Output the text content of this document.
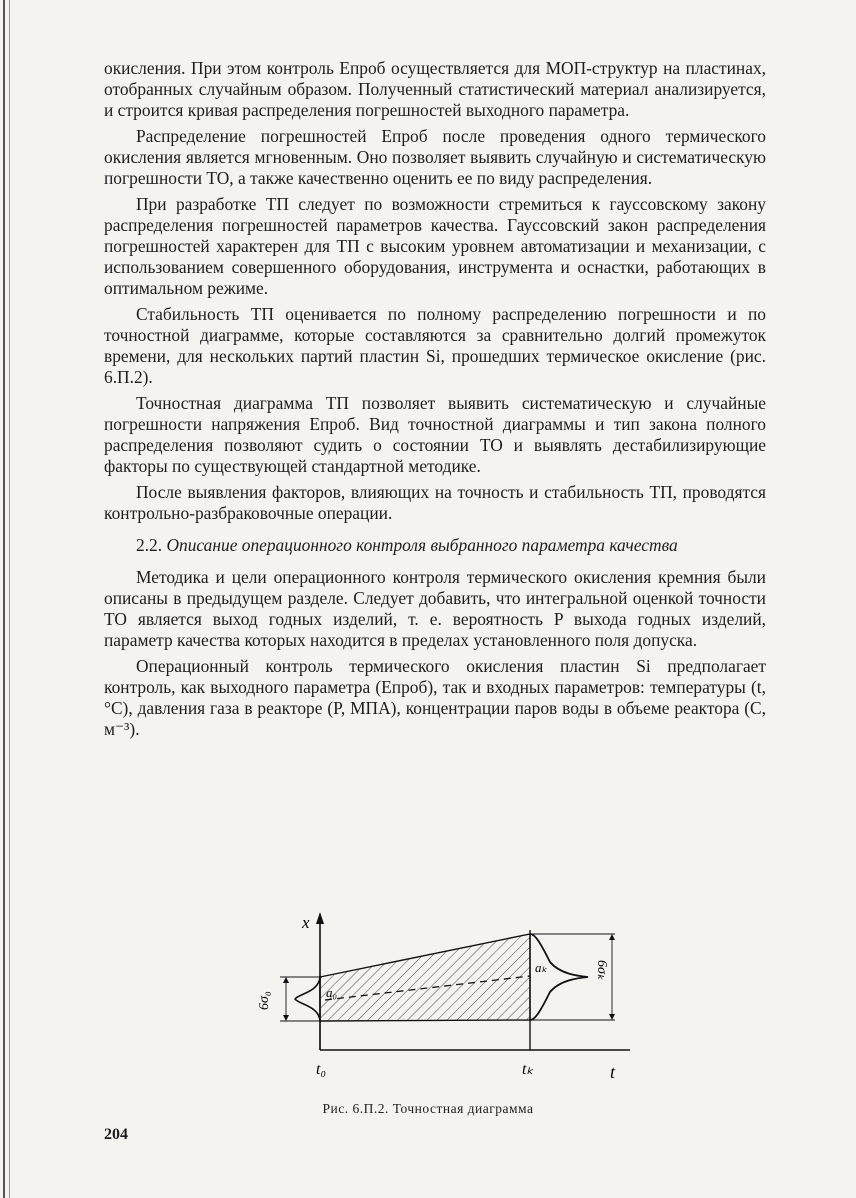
окисления. При этом контроль Eпроб осуществляется для МОП-структур на пластинах, отобранных случайным образом. Полученный статистический материал анализируется, и строится кривая распределения погрешностей выходного параметра.

Распределение погрешностей Eпроб после проведения одного термического окисления является мгновенным. Оно позволяет выявить случайную и систематическую погрешности ТО, а также качественно оценить ее по виду распределения.

При разработке ТП следует по возможности стремиться к гауссовскому закону распределения погрешностей параметров качества. Гауссовский закон распределения погрешностей характерен для ТП с высоким уровнем автоматизации и механизации, с использованием совершенного оборудования, инструмента и оснастки, работающих в оптимальном режиме.

Стабильность ТП оценивается по полному распределению погрешности и по точностной диаграмме, которые составляются за сравнительно долгий промежуток времени, для нескольких партий пластин Si, прошедших термическое окисление (рис. 6.П.2).

Точностная диаграмма ТП позволяет выявить систематическую и случайные погрешности напряжения Eпроб. Вид точностной диаграммы и тип закона полного распределения позволяют судить о состоянии ТО и выявлять дестабилизирующие факторы по существующей стандартной методике.

После выявления факторов, влияющих на точность и стабильность ТП, проводятся контрольно-разбраковочные операции.

2.2. Описание операционного контроля выбранного параметра качества

Методика и цели операционного контроля термического окисления кремния были описаны в предыдущем разделе. Следует добавить, что интегральной оценкой точности ТО является выход годных изделий, т. е. вероятность P выхода годных изделий, параметр качества которых находится в пределах установленного поля допуска.

Операционный контроль термического окисления пластин Si предполагает контроль, как выходного параметра (Eпроб), так и входных параметров: температуры (t, °C), давления газа в реакторе (P, МПА), концентрации паров воды в объеме реактора (C, м⁻³).

x
t
t₀	tₖ
a₀
aₖ
6σ₀
6σₖ
Рис. 6.П.2. Точностная диаграмма
204
